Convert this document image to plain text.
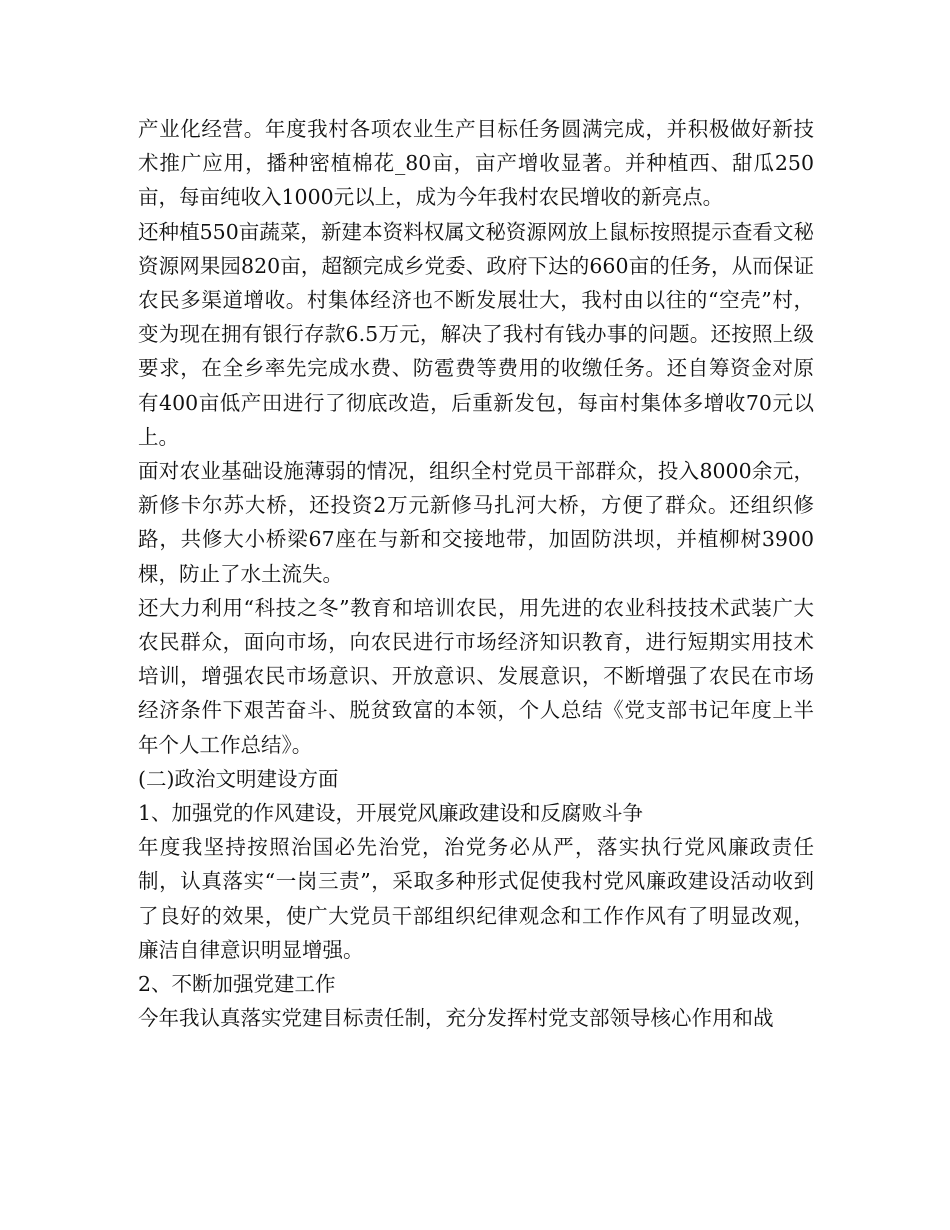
产业化经营。年度我村各项农业生产目标任务圆满完成，并积极做好新技术推广应用，播种密植棉花_80亩，亩产增收显著。并种植西、甜瓜250亩，每亩纯收入1000元以上，成为今年我村农民增收的新亮点。

还种植550亩蔬菜，新建本资料权属文秘资源网放上鼠标按照提示查看文秘资源网果园820亩，超额完成乡党委、政府下达的660亩的任务，从而保证农民多渠道增收。村集体经济也不断发展壮大，我村由以往的“空壳”村，变为现在拥有银行存款6.5万元，解决了我村有钱办事的问题。还按照上级要求，在全乡率先完成水费、防雹费等费用的收缴任务。还自筹资金对原有400亩低产田进行了彻底改造，后重新发包，每亩村集体多增收70元以上。

面对农业基础设施薄弱的情况，组织全村党员干部群众，投入8000余元，新修卡尔苏大桥，还投资2万元新修马扎河大桥，方便了群众。还组织修路，共修大小桥梁67座在与新和交接地带，加固防洪坝，并植柳树3900棵，防止了水土流失。

还大力利用“科技之冬”教育和培训农民，用先进的农业科技技术武装广大农民群众，面向市场，向农民进行市场经济知识教育，进行短期实用技术培训，增强农民市场意识、开放意识、发展意识，不断增强了农民在市场经济条件下艰苦奋斗、脱贫致富的本领，个人总结《党支部书记年度上半年个人工作总结》。

(二)政治文明建设方面

1、加强党的作风建设，开展党风廉政建设和反腐败斗争

年度我坚持按照治国必先治党，治党务必从严，落实执行党风廉政责任制，认真落实“一岗三责”，采取多种形式促使我村党风廉政建设活动收到了良好的效果，使广大党员干部组织纪律观念和工作作风有了明显改观，廉洁自律意识明显增强。

2、不断加强党建工作

今年我认真落实党建目标责任制，充分发挥村党支部领导核心作用和战
